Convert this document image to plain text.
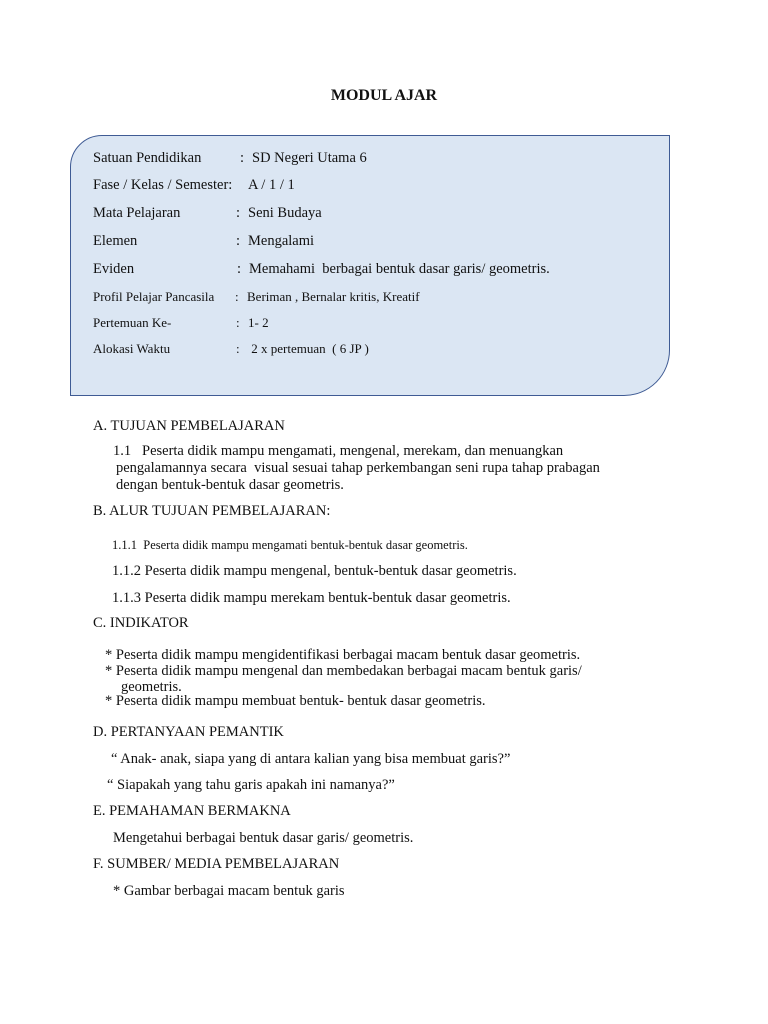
MODUL AJAR
Satuan Pendidikan	: SD Negeri Utama 6
Fase / Kelas / Semester: A / 1 / 1
Mata Pelajaran	: Seni Budaya
Elemen	: Mengalami
Eviden	: Memahami  berbagai bentuk dasar garis/ geometris.
Profil Pelajar Pancasila : Beriman , Bernalar kritis, Kreatif
Pertemuan Ke-	: 1- 2
Alokasi Waktu	: 2 x pertemuan  ( 6 JP )
A. TUJUAN PEMBELAJARAN
1.1   Peserta didik mampu mengamati, mengenal, merekam, dan menuangkan
pengalamannya secara  visual sesuai tahap perkembangan seni rupa tahap prabagan
dengan bentuk-bentuk dasar geometris.
B. ALUR TUJUAN PEMBELAJARAN:
1.1.1  Peserta didik mampu mengamati bentuk-bentuk dasar geometris.
1.1.2 Peserta didik mampu mengenal, bentuk-bentuk dasar geometris.
1.1.3 Peserta didik mampu merekam bentuk-bentuk dasar geometris.
C. INDIKATOR
* Peserta didik mampu mengidentifikasi berbagai macam bentuk dasar geometris.
* Peserta didik mampu mengenal dan membedakan berbagai macam bentuk garis/
geometris.
* Peserta didik mampu membuat bentuk- bentuk dasar geometris.
D. PERTANYAAN PEMANTIK
“ Anak- anak, siapa yang di antara kalian yang bisa membuat garis?”
“ Siapakah yang tahu garis apakah ini namanya?”
E. PEMAHAMAN BERMAKNA
Mengetahui berbagai bentuk dasar garis/ geometris.
F. SUMBER/ MEDIA PEMBELAJARAN
* Gambar berbagai macam bentuk garis
